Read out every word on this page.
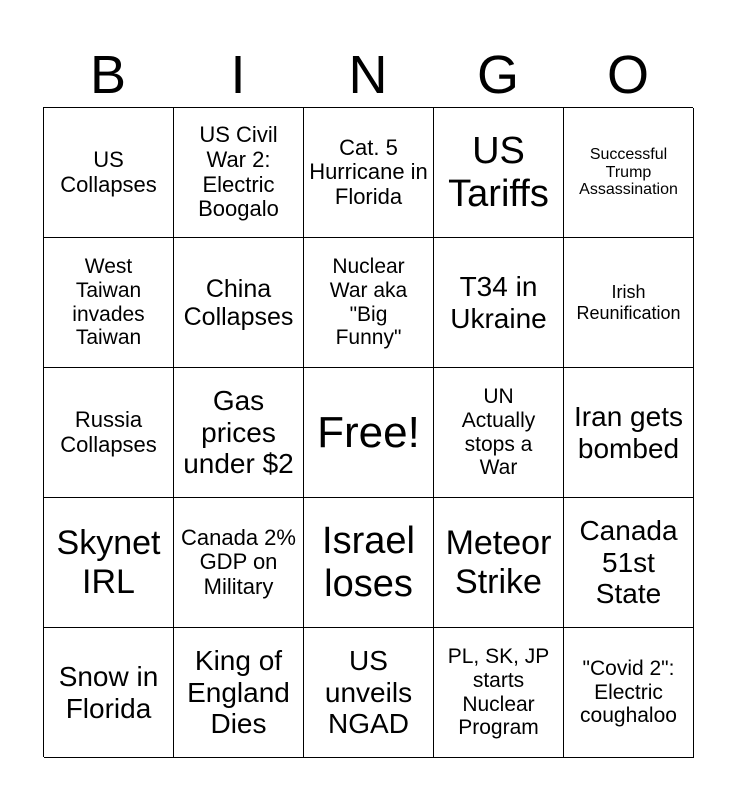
B	I	N	G	O
US Collapses
US Civil War 2: Electric Boogalo
Cat. 5 Hurricane in Florida
US Tariffs
Successful Trump Assassination
West Taiwan invades Taiwan
China Collapses
Nuclear War aka "Big Funny"
T34 in Ukraine
Irish Reunification
Russia Collapses
Gas prices under $2
Free!
UN Actually stops a War
Iran gets bombed
Skynet IRL
Canada 2% GDP on Military
Israel loses
Meteor Strike
Canada 51st State
Snow in Florida
King of England Dies
US unveils NGAD
PL, SK, JP starts Nuclear Program
"Covid 2": Electric coughaloo
